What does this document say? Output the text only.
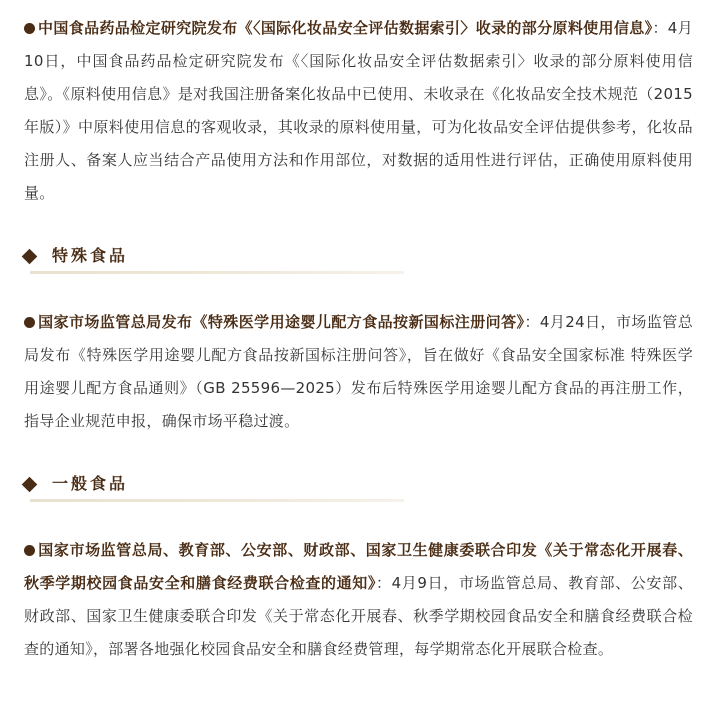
中国食品药品检定研究院发布《〈国际化妆品安全评估数据索引〉收录的部分原料使用信息》：4月10日，中国食品药品检定研究院发布《〈国际化妆品安全评估数据索引〉收录的部分原料使用信息》。《原料使用信息》是对我国注册备案化妆品中已使用、未收录在《化妆品安全技术规范（2015年版）》中原料使用信息的客观收录，其收录的原料使用量，可为化妆品安全评估提供参考，化妆品注册人、备案人应当结合产品使用方法和作用部位，对数据的适用性进行评估，正确使用原料使用量。

特殊食品

国家市场监管总局发布《特殊医学用途婴儿配方食品按新国标注册问答》：4月24日，市场监管总局发布《特殊医学用途婴儿配方食品按新国标注册问答》，旨在做好《食品安全国家标准 特殊医学用途婴儿配方食品通则》（GB 25596—2025）发布后特殊医学用途婴儿配方食品的再注册工作，指导企业规范申报，确保市场平稳过渡。

一般食品

国家市场监管总局、教育部、公安部、财政部、国家卫生健康委联合印发《关于常态化开展春、秋季学期校园食品安全和膳食经费联合检查的通知》：4月9日，市场监管总局、教育部、公安部、财政部、国家卫生健康委联合印发《关于常态化开展春、秋季学期校园食品安全和膳食经费联合检查的通知》，部署各地强化校园食品安全和膳食经费管理，每学期常态化开展联合检查。
